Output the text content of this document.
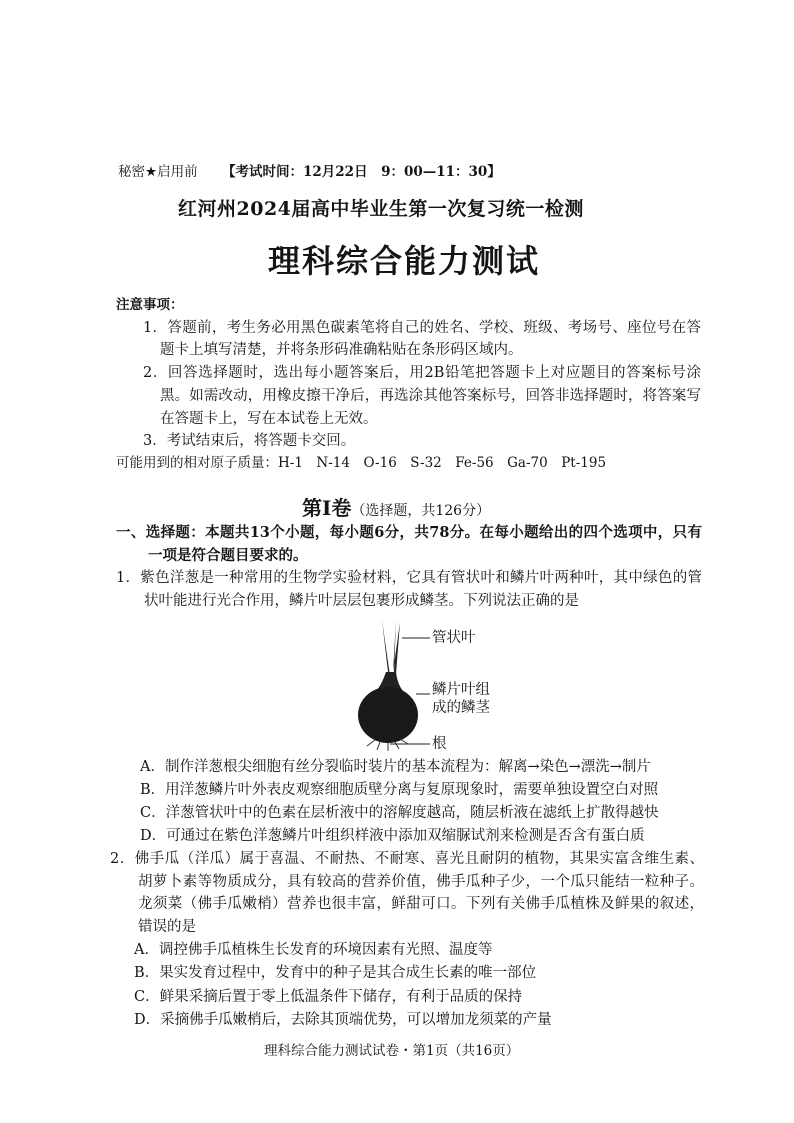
秘密★启用前 【考试时间：12月22日　9：00—11：30】
红河州2024届高中毕业生第一次复习统一检测
理科综合能力测试
注意事项：
1．答题前，考生务必用黑色碳素笔将自己的姓名、学校、班级、考场号、座位号在答
题卡上填写清楚，并将条形码准确粘贴在条形码区域内。
2．回答选择题时，选出每小题答案后，用2B铅笔把答题卡上对应题目的答案标号涂
黑。如需改动，用橡皮擦干净后，再选涂其他答案标号，回答非选择题时，将答案写
在答题卡上，写在本试卷上无效。
3．考试结束后，将答题卡交回。
可能用到的相对原子质量：H-1　N-14　O-16　S-32　Fe-56　Ga-70　Pt-195
第Ⅰ卷（选择题，共126分）
一、选择题：本题共13个小题，每小题6分，共78分。在每小题给出的四个选项中，只有
一项是符合题目要求的。
1．紫色洋葱是一种常用的生物学实验材料，它具有管状叶和鳞片叶两种叶，其中绿色的管
状叶能进行光合作用，鳞片叶层层包裹形成鳞茎。下列说法正确的是
管状叶
鳞片叶组
成的鳞茎
根
A．制作洋葱根尖细胞有丝分裂临时装片的基本流程为：解离→染色→漂洗→制片
B．用洋葱鳞片叶外表皮观察细胞质壁分离与复原现象时，需要单独设置空白对照
C．洋葱管状叶中的色素在层析液中的溶解度越高，随层析液在滤纸上扩散得越快
D．可通过在紫色洋葱鳞片叶组织样液中添加双缩脲试剂来检测是否含有蛋白质
2．佛手瓜（洋瓜）属于喜温、不耐热、不耐寒、喜光且耐阴的植物，其果实富含维生素、
胡萝卜素等物质成分，具有较高的营养价值，佛手瓜种子少，一个瓜只能结一粒种子。
龙须菜（佛手瓜嫩梢）营养也很丰富，鲜甜可口。下列有关佛手瓜植株及鲜果的叙述，
错误的是
A．调控佛手瓜植株生长发育的环境因素有光照、温度等
B．果实发育过程中，发育中的种子是其合成生长素的唯一部位
C．鲜果采摘后置于零上低温条件下储存，有利于品质的保持
D．采摘佛手瓜嫩梢后，去除其顶端优势，可以增加龙须菜的产量
理科综合能力测试试卷・第1页（共16页）
